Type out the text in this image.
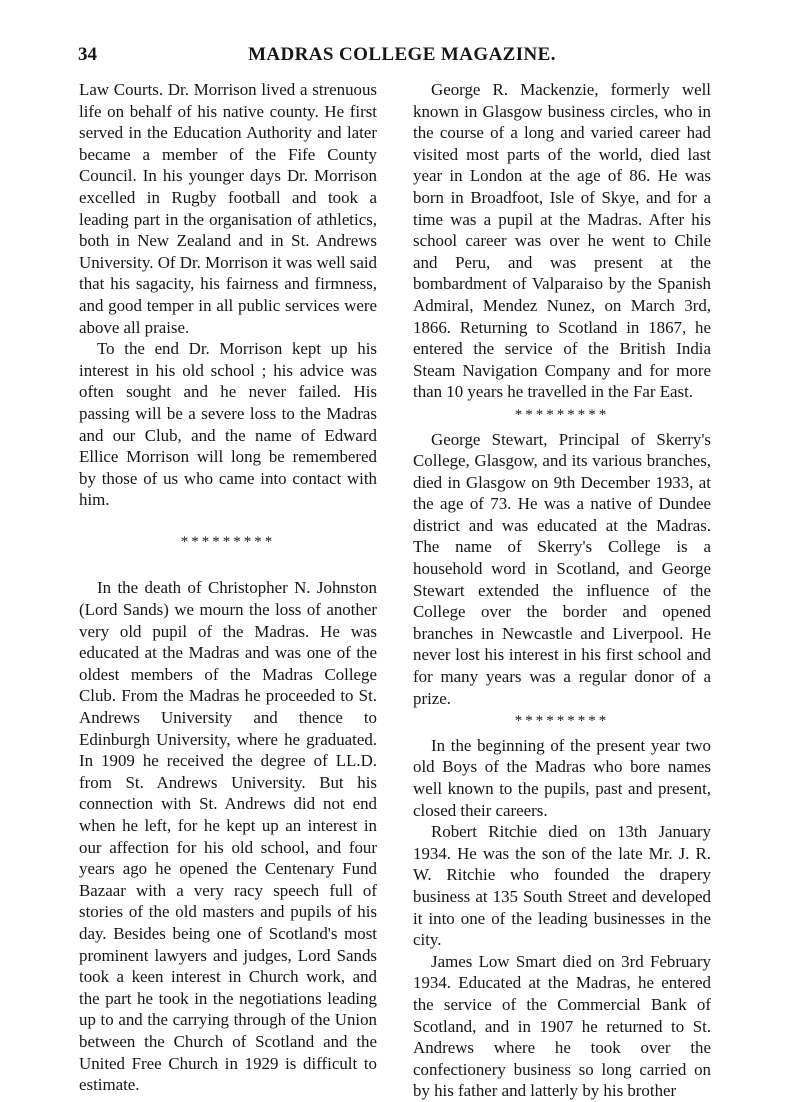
34	MADRAS COLLEGE MAGAZINE.

Law Courts. Dr. Morrison lived a strenuous life on behalf of his native county. He first served in the Education Authority and later became a member of the Fife County Council. In his younger days Dr. Morrison excelled in Rugby football and took a leading part in the organisation of athletics, both in New Zealand and in St. Andrews University. Of Dr. Morrison it was well said that his sagacity, his fairness and firmness, and good temper in all public services were above all praise.

To the end Dr. Morrison kept up his interest in his old school ; his advice was often sought and he never failed. His passing will be a severe loss to the Madras and our Club, and the name of Edward Ellice Morrison will long be remembered by those of us who came into contact with him.

*********

In the death of Christopher N. Johnston (Lord Sands) we mourn the loss of another very old pupil of the Madras. He was educated at the Madras and was one of the oldest members of the Madras College Club. From the Madras he proceeded to St. Andrews University and thence to Edinburgh University, where he graduated. In 1909 he received the degree of LL.D. from St. Andrews University. But his connection with St. Andrews did not end when he left, for he kept up an interest in our affection for his old school, and four years ago he opened the Centenary Fund Bazaar with a very racy speech full of stories of the old masters and pupils of his day. Besides being one of Scotland's most prominent lawyers and judges, Lord Sands took a keen interest in Church work, and the part he took in the negotiations leading up to and the carrying through of the Union between the Church of Scotland and the United Free Church in 1929 is difficult to estimate.

George R. Mackenzie, formerly well known in Glasgow business circles, who in the course of a long and varied career had visited most parts of the world, died last year in London at the age of 86. He was born in Broadfoot, Isle of Skye, and for a time was a pupil at the Madras. After his school career was over he went to Chile and Peru, and was present at the bombardment of Valparaiso by the Spanish Admiral, Mendez Nunez, on March 3rd, 1866. Returning to Scotland in 1867, he entered the service of the British India Steam Navigation Company and for more than 10 years he travelled in the Far East.

*********

George Stewart, Principal of Skerry's College, Glasgow, and its various branches, died in Glasgow on 9th December 1933, at the age of 73. He was a native of Dundee district and was educated at the Madras. The name of Skerry's College is a household word in Scotland, and George Stewart extended the influence of the College over the border and opened branches in Newcastle and Liverpool. He never lost his interest in his first school and for many years was a regular donor of a prize.

*********

In the beginning of the present year two old Boys of the Madras who bore names well known to the pupils, past and present, closed their careers.

Robert Ritchie died on 13th January 1934. He was the son of the late Mr. J. R. W. Ritchie who founded the drapery business at 135 South Street and developed it into one of the leading businesses in the city.

James Low Smart died on 3rd February 1934. Educated at the Madras, he entered the service of the Commercial Bank of Scotland, and in 1907 he returned to St. Andrews where he took over the confectionery business so long carried on by his father and latterly by his brother
